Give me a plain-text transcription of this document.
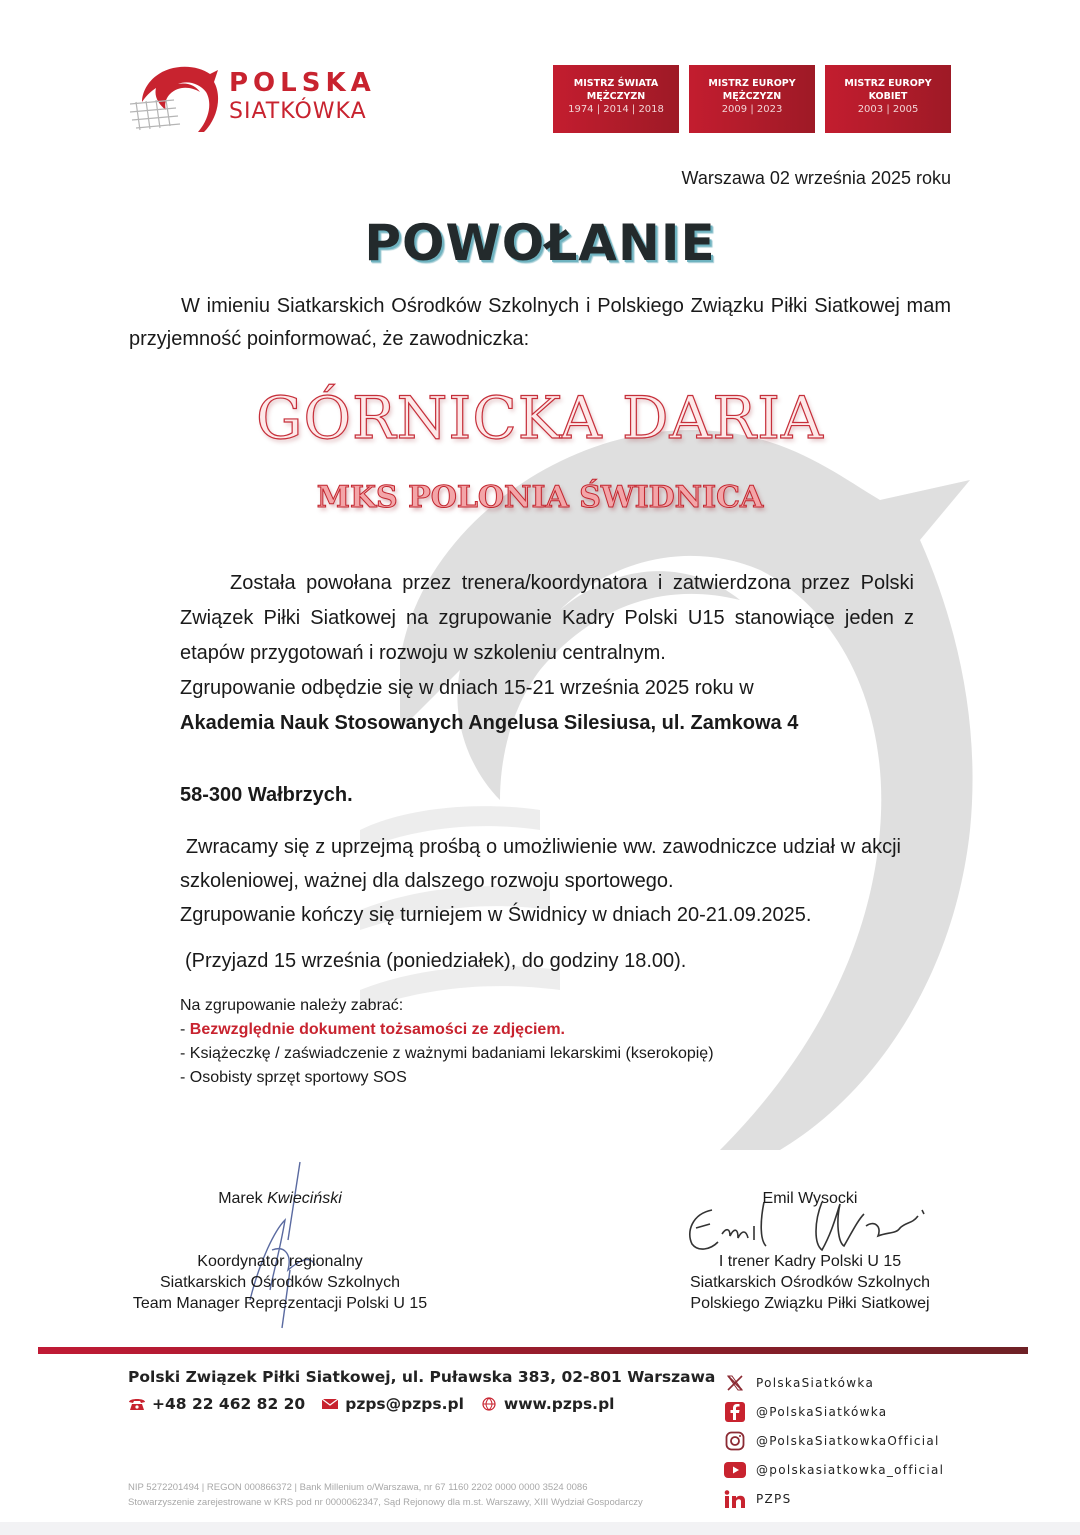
POLSKA
SIATKÓWKA
MISTRZ ŚWIATA
MĘŻCZYZN
1974 | 2014 | 2018
MISTRZ EUROPY
MĘŻCZYZN
2009 | 2023
MISTRZ EUROPY
KOBIET
2003 | 2005
Warszawa 02 września 2025 roku
POWOŁANIE
W imieniu Siatkarskich Ośrodków Szkolnych i Polskiego Związku Piłki Siatkowej mam przyjemność poinformować, że zawodniczka:
GÓRNICKA DARIA
MKS POLONIA ŚWIDNICA

Została powołana przez trenera/koordynatora i zatwierdzona przez Polski Związek Piłki Siatkowej na zgrupowanie Kadry Polski U15 stanowiące jeden z etapów przygotowań i rozwoju w szkoleniu centralnym.

Zgrupowanie odbędzie się w dniach 15-21 września 2025 roku w

Akademia Nauk Stosowanych Angelusa Silesiusa, ul. Zamkowa 4

58-300 Wałbrzych.

Zwracamy się z uprzejmą prośbą o umożliwienie ww. zawodniczce udział w akcji szkoleniowej, ważnej dla dalszego rozwoju sportowego.

Zgrupowanie kończy się turniejem w Świdnicy w dniach 20-21.09.2025.

(Przyjazd 15 września (poniedziałek), do godziny 18.00).
Na zgrupowanie należy zabrać:
- Bezwzględnie dokument tożsamości ze zdjęciem.
- Książeczkę / zaświadczenie z ważnymi badaniami lekarskimi (kserokopię)
- Osobisty sprzęt sportowy SOS
Marek Kwieciński
Koordynator regionalny
Siatkarskich Ośrodków Szkolnych
Team Manager Reprezentacji Polski U 15
Emil Wysocki
I trener Kadry Polski U 15
Siatkarskich Ośrodków Szkolnych
Polskiego Związku Piłki Siatkowej
Polski Związek Piłki Siatkowej, ul. Puławska 383, 02-801 Warszawa
+48 22 462 82 20	pzps@pzps.pl	www.pzps.pl
NIP 5272201494 | REGON 000866372 | Bank Millenium o/Warszawa, nr 67 1160 2202 0000 0000 3524 0086
Stowarzyszenie zarejestrowane w KRS pod nr 0000062347, Sąd Rejonowy dla m.st. Warszawy, XIII Wydział Gospodarczy
PolskaSiatkówka
@PolskaSiatkówka
@PolskaSiatkowkaOfficial
@polskasiatkowka_official
PZPS
